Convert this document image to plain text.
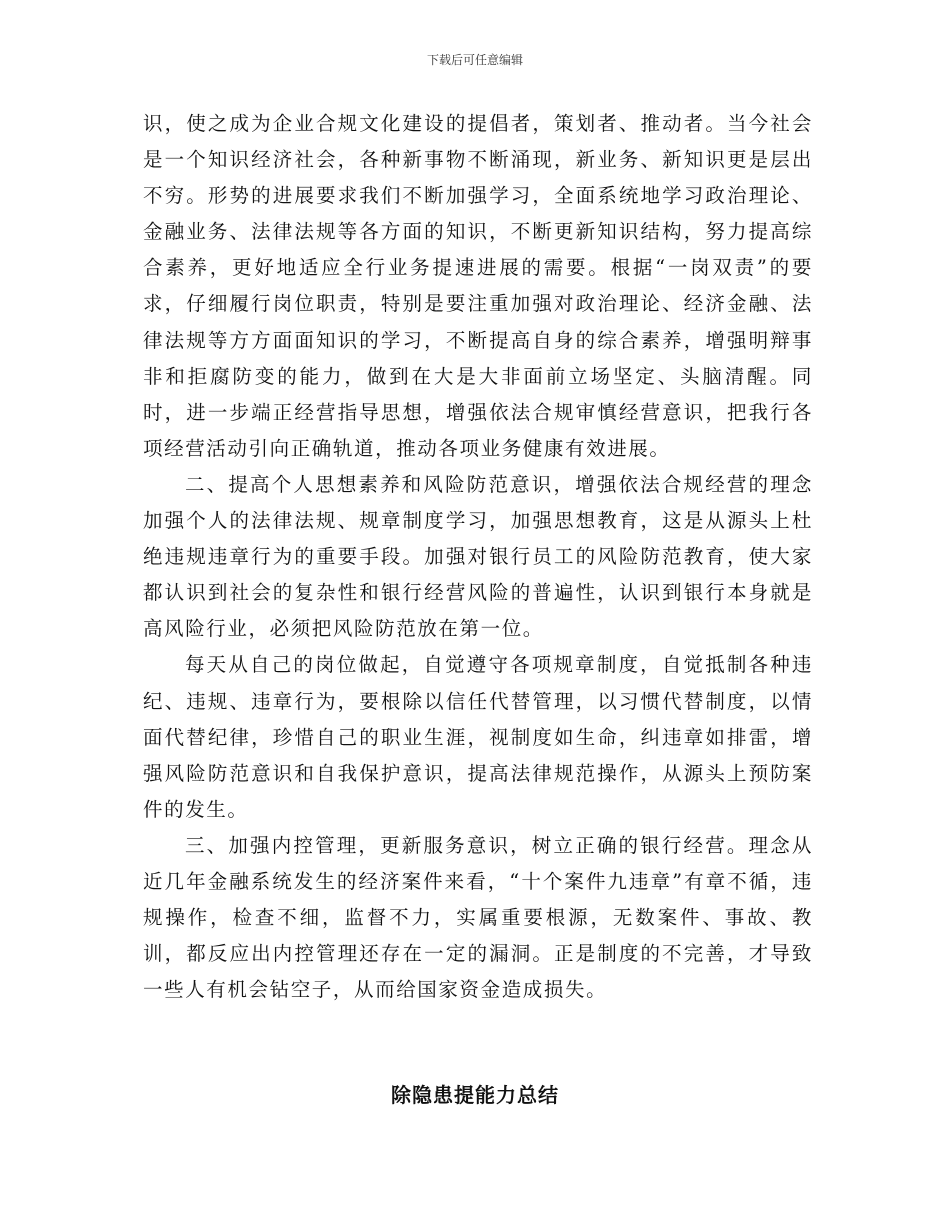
下载后可任意编辑

识，使之成为企业合规文化建设的提倡者，策划者、推动者。当今社会是一个知识经济社会，各种新事物不断涌现，新业务、新知识更是层出不穷。形势的进展要求我们不断加强学习，全面系统地学习政治理论、金融业务、法律法规等各方面的知识，不断更新知识结构，努力提高综合素养，更好地适应全行业务提速进展的需要。根据“一岗双责”的要求，仔细履行岗位职责，特别是要注重加强对政治理论、经济金融、法律法规等方方面面知识的学习，不断提高自身的综合素养，增强明辩事非和拒腐防变的能力，做到在大是大非面前立场坚定、头脑清醒。同时，进一步端正经营指导思想，增强依法合规审慎经营意识，把我行各项经营活动引向正确轨道，推动各项业务健康有效进展。

二、提高个人思想素养和风险防范意识，增强依法合规经营的理念加强个人的法律法规、规章制度学习，加强思想教育，这是从源头上杜绝违规违章行为的重要手段。加强对银行员工的风险防范教育，使大家都认识到社会的复杂性和银行经营风险的普遍性，认识到银行本身就是高风险行业，必须把风险防范放在第一位。

每天从自己的岗位做起，自觉遵守各项规章制度，自觉抵制各种违纪、违规、违章行为，要根除以信任代替管理，以习惯代替制度，以情面代替纪律，珍惜自己的职业生涯，视制度如生命，纠违章如排雷，增强风险防范意识和自我保护意识，提高法律规范操作，从源头上预防案件的发生。

三、加强内控管理，更新服务意识，树立正确的银行经营。理念从近几年金融系统发生的经济案件来看，“十个案件九违章”有章不循，违规操作，检查不细，监督不力，实属重要根源，无数案件、事故、教训，都反应出内控管理还存在一定的漏洞。正是制度的不完善，才导致一些人有机会钻空子，从而给国家资金造成损失。

除隐患提能力总结
